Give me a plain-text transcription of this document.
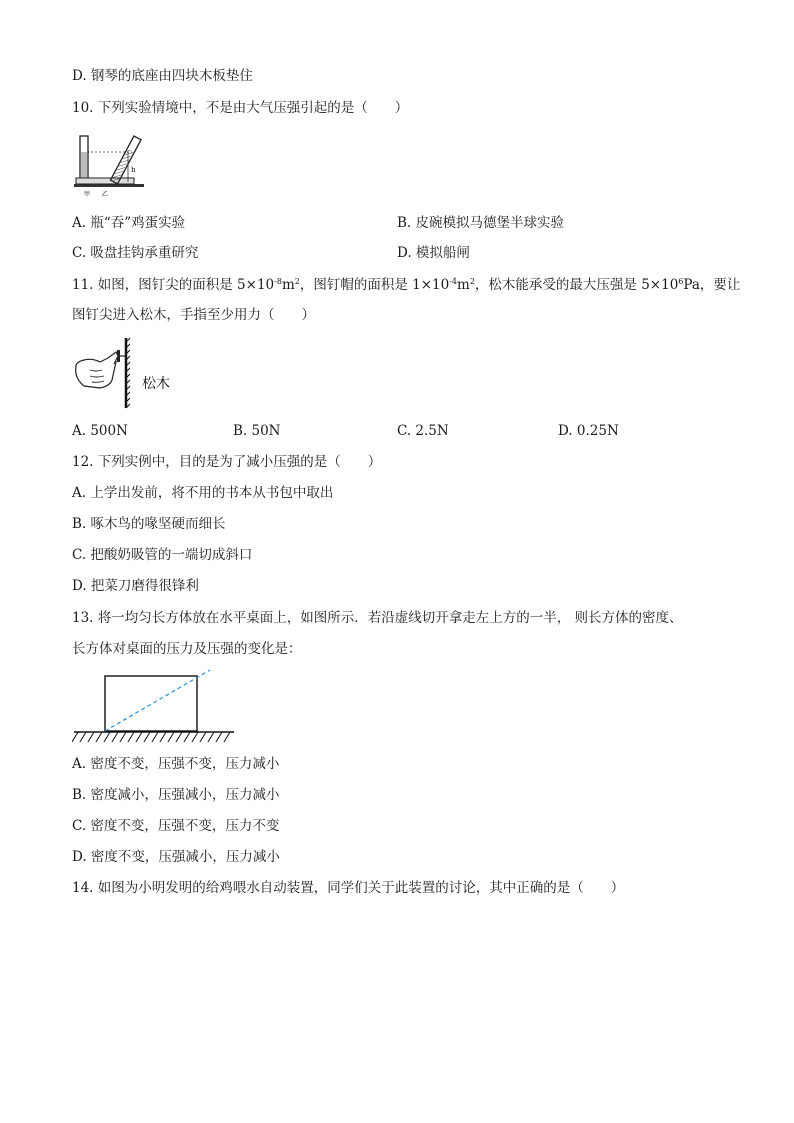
D. 钢琴的底座由四块木板垫住
10. 下列实验情境中，不是由大气压强引起的是（　　）
h
甲 乙
A. 瓶“吞”鸡蛋实验	B. 皮碗模拟马德堡半球实验
C. 吸盘挂钩承重研究	D. 模拟船闸
11. 如图，图钉尖的面积是 $5\times 10^{-8}m^2$，图钉帽的面积是 $1\times 10^{-4}m^2$，松木能承受的最大压强是 $5\times 10^6Pa$，要让
图钉尖进入松木，手指至少用力（　　）
松木
A. 500N	B. 50N	C. 2.5N	D. 0.25N
12. 下列实例中，目的是为了减小压强的是（　　）
A. 上学出发前，将不用的书本从书包中取出
B. 啄木鸟的喙坚硬而细长
C. 把酸奶吸管的一端切成斜口
D. 把菜刀磨得很锋利
13. 将一均匀长方体放在水平桌面上，如图所示．若沿虚线切开拿走左上方的一半， 则长方体的密度、
长方体对桌面的压力及压强的变化是：
A. 密度不变，压强不变，压力减小
B. 密度减小，压强减小，压力减小
C. 密度不变，压强不变，压力不变
D. 密度不变，压强减小，压力减小
14. 如图为小明发明的给鸡喂水自动装置，同学们关于此装置的讨论，其中正确的是（　　）
